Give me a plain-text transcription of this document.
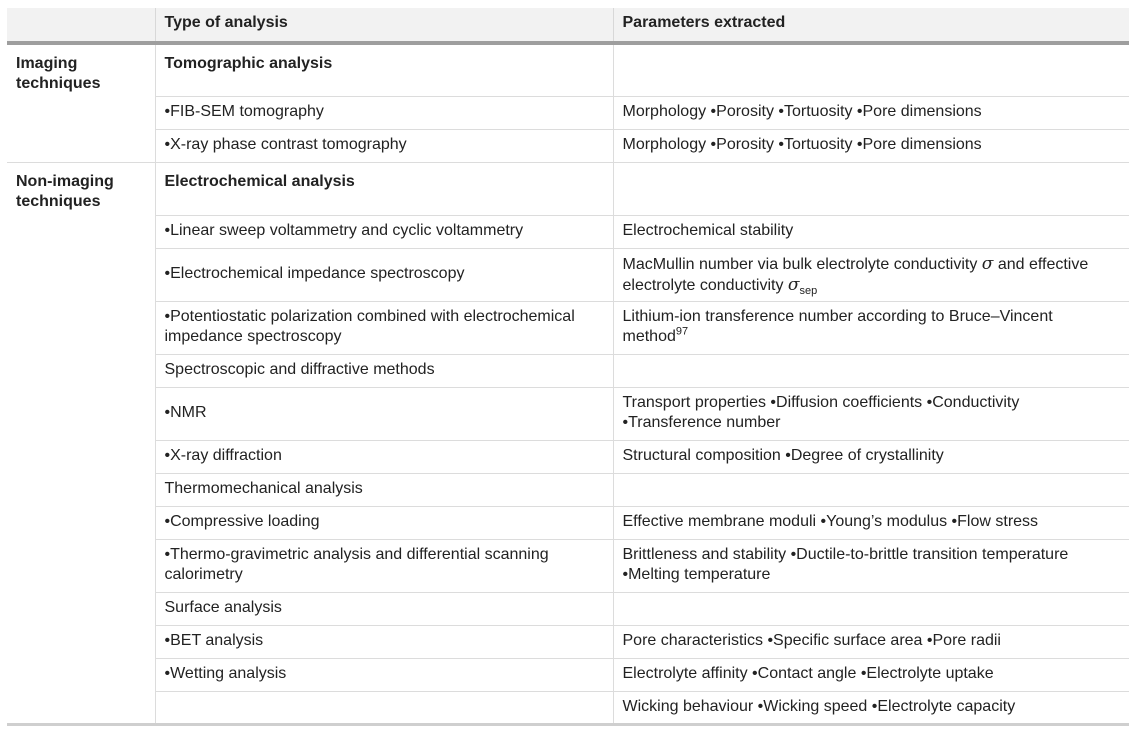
	Type of analysis	Parameters extracted
Imaging techniques	Tomographic analysis	
	•FIB-SEM tomography	Morphology •Porosity •Tortuosity •Pore dimensions
	•X-ray phase contrast tomography	Morphology •Porosity •Tortuosity •Pore dimensions
Non-imaging techniques	Electrochemical analysis	
	•Linear sweep voltammetry and cyclic voltammetry	Electrochemical stability
	•Electrochemical impedance spectroscopy	MacMullin number via bulk electrolyte conductivity σ and effective electrolyte conductivity $\sigma_{sep}$
	•Potentiostatic polarization combined with electrochemical impedance spectroscopy	Lithium-ion transference number according to Bruce–Vincent method$^{97}$
	Spectroscopic and diffractive methods	
	•NMR	Transport properties •Diffusion coefficients •Conductivity •Transference number
	•X-ray diffraction	Structural composition •Degree of crystallinity
	Thermomechanical analysis	
	•Compressive loading	Effective membrane moduli •Young’s modulus •Flow stress
	•Thermo-gravimetric analysis and differential scanning calorimetry	Brittleness and stability •Ductile-to-brittle transition temperature •Melting temperature
	Surface analysis	
	•BET analysis	Pore characteristics •Specific surface area •Pore radii
	•Wetting analysis	Electrolyte affinity •Contact angle •Electrolyte uptake
		Wicking behaviour •Wicking speed •Electrolyte capacity
